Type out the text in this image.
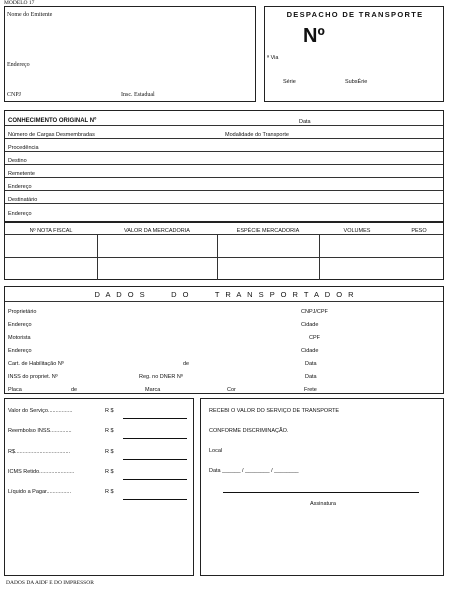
MODELO 17
Nome do Emitente
Endereço
CNPJ	Insc. Estadual
DESPACHO DE TRANSPORTE
Nº
ª Via
Série	SubsÉrie
CONHECIMENTO ORIGINAL Nº	Data
Número de Cargas Desmembradas	Modalidade do Transporte
Procedência
Destino
Remetente
Endereço
Destinatário
Endereço
Nº NOTA FISCAL	VALOR DA MERCADORIA	ESPÉCIE MERCADORIA	VOLUMES	PESO
D A D O S      D O      T R A N S P O R T A D O R
Proprietário	CNPJ/CPF
Endereço	Cidade
Motorista	CPF
Endereço	Cidade
Cart. de Habilitação Nº	de	Data
INSS do propriet. Nº	Reg. no DNER Nº	Data
Placa	de	Marca	Cor	Frete
Valor do Serviço................	R $
Reembolso INSS..............	R $
R$....................................	R $
ICMS Retido.......................	R $
Líquido a Pagar................	R $
RECEBI O VALOR DO SERVIÇO DE TRANSPORTE
CONFORME DISCRIMINAÇÃO.
Local
Data ______ / ________ / ________
Assinatura
DADOS DA AIDF E DO IMPRESSOR
